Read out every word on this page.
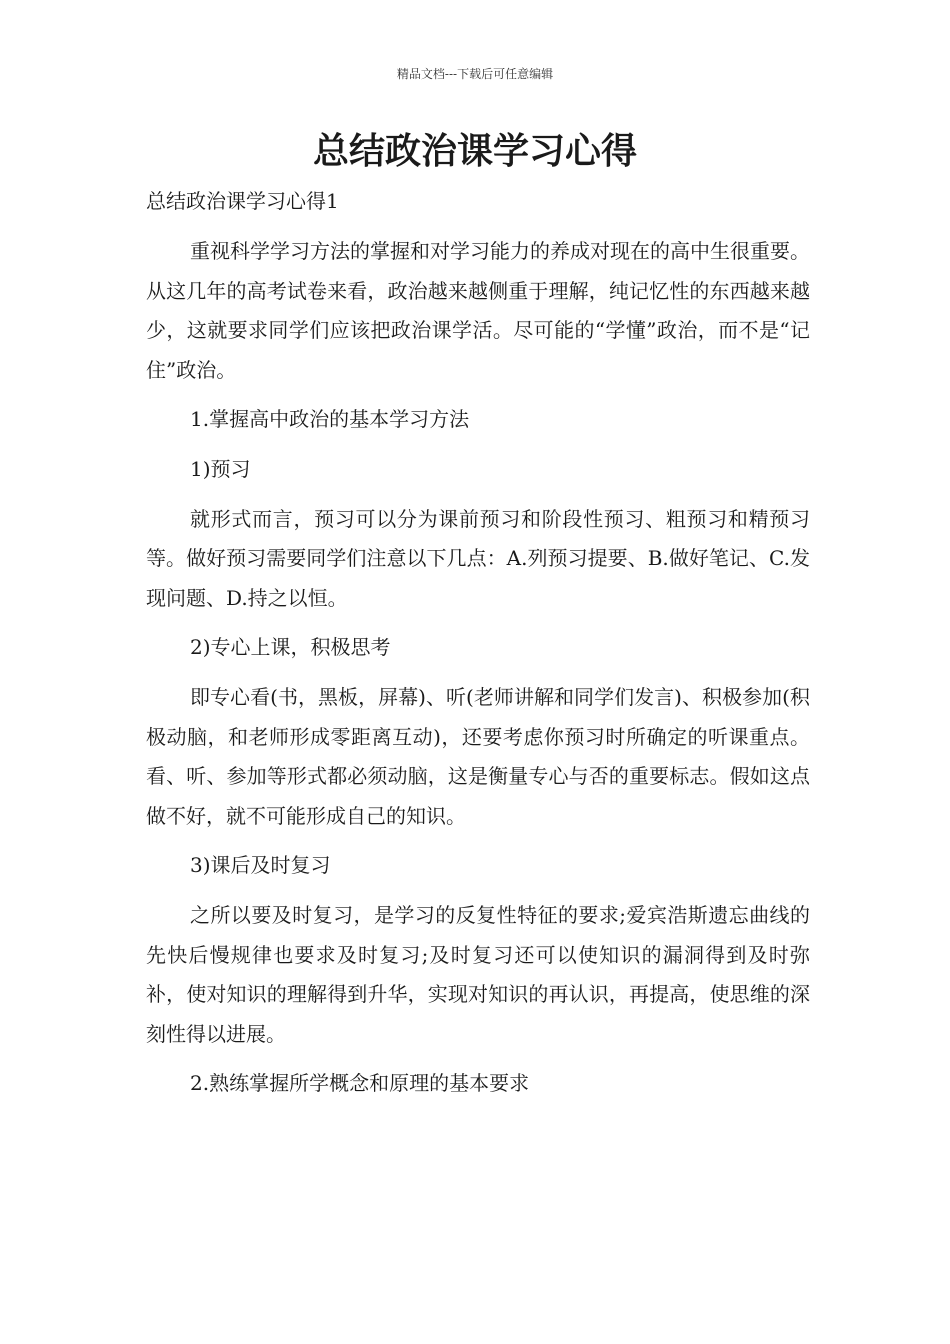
精品文档---下载后可任意编辑
总结政治课学习心得
总结政治课学习心得1

重视科学学习方法的掌握和对学习能力的养成对现在的高中生很重要。从这几年的高考试卷来看，政治越来越侧重于理解，纯记忆性的东西越来越少，这就要求同学们应该把政治课学活。尽可能的“学懂”政治，而不是“记住”政治。

1.掌握高中政治的基本学习方法

1)预习

就形式而言，预习可以分为课前预习和阶段性预习、粗预习和精预习等。做好预习需要同学们注意以下几点：A.列预习提要、B.做好笔记、C.发现问题、D.持之以恒。

2)专心上课，积极思考

即专心看(书，黑板，屏幕)、听(老师讲解和同学们发言)、积极参加(积极动脑，和老师形成零距离互动)，还要考虑你预习时所确定的听课重点。看、听、参加等形式都必须动脑，这是衡量专心与否的重要标志。假如这点做不好，就不可能形成自己的知识。

3)课后及时复习

之所以要及时复习，是学习的反复性特征的要求;爱宾浩斯遗忘曲线的先快后慢规律也要求及时复习;及时复习还可以使知识的漏洞得到及时弥补，使对知识的理解得到升华，实现对知识的再认识，再提高，使思维的深刻性得以进展。

2.熟练掌握所学概念和原理的基本要求
